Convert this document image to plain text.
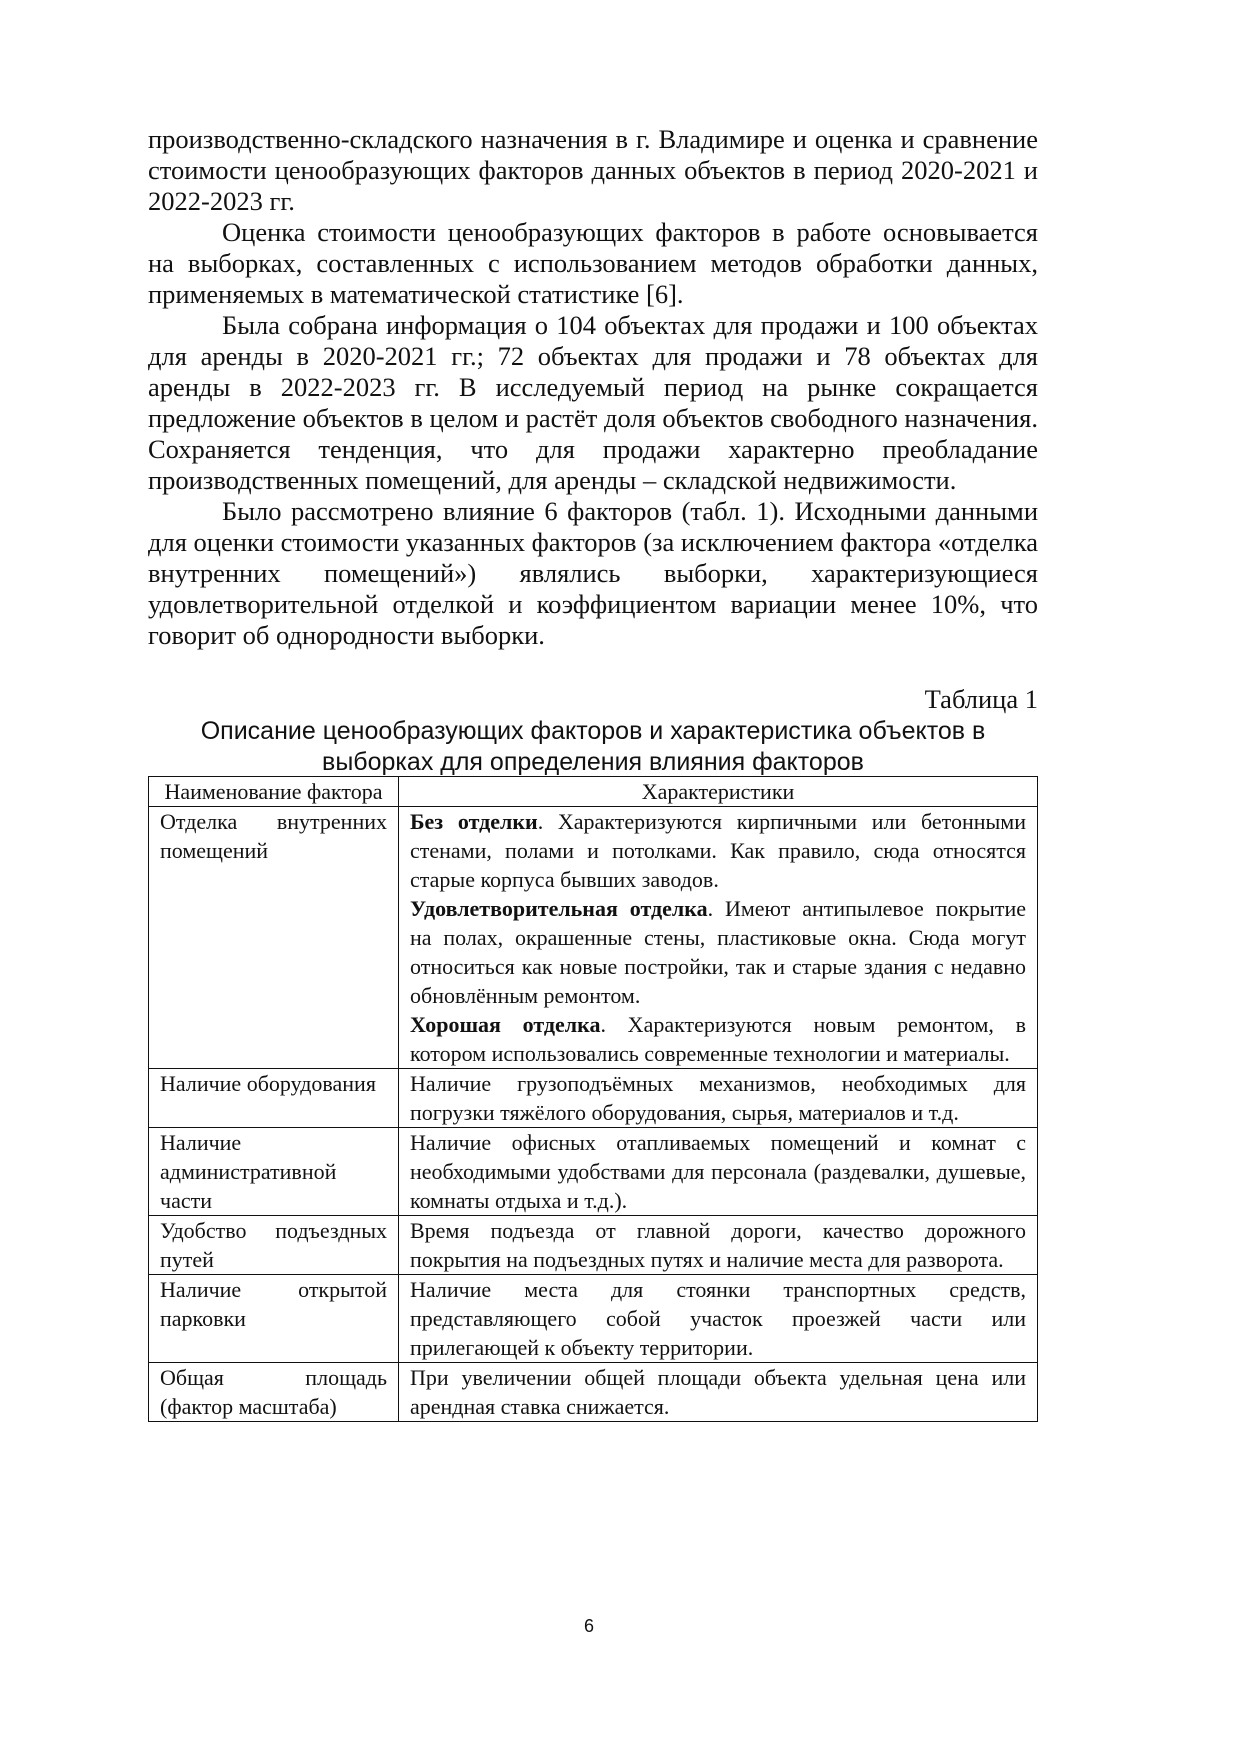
производственно-складского назначения в г. Владимире и оценка и сравнение стоимости ценообразующих факторов данных объектов в период 2020-2021 и 2022-2023 гг.

Оценка стоимости ценообразующих факторов в работе основывается на выборках, составленных с использованием методов обработки данных, применяемых в математической статистике [6].

Была собрана информация о 104 объектах для продажи и 100 объектах для аренды в 2020-2021 гг.; 72 объектах для продажи и 78 объектах для аренды в 2022-2023 гг. В исследуемый период на рынке сокращается предложение объектов в целом и растёт доля объектов свободного назначения. Сохраняется тенденция, что для продажи характерно преобладание производственных помещений, для аренды – складской недвижимости.

Было рассмотрено влияние 6 факторов (табл. 1). Исходными данными для оценки стоимости указанных факторов (за исключением фактора «отделка внутренних помещений») являлись выборки, характеризующиеся удовлетворительной отделкой и коэффициентом вариации менее 10%, что говорит об однородности выборки.

Таблица 1
Описание ценообразующих факторов и характеристика объектов в выборках для определения влияния факторов
Наименование фактора	Характеристики
Отделка внутренних помещений	Без отделки. Характеризуются кирпичными или бетонными стенами, полами и потолками. Как правило, сюда относятся старые корпуса бывших заводов.

Удовлетворительная отделка. Имеют антипылевое покрытие на полах, окрашенные стены, пластиковые окна. Сюда могут относиться как новые постройки, так и старые здания с недавно обновлённым ремонтом.

Хорошая отделка. Характеризуются новым ремонтом, в котором использовались современные технологии и материалы.

Наличие оборудования	Наличие грузоподъёмных механизмов, необходимых для погрузки тяжёлого оборудования, сырья, материалов и т.д.
Наличие административной части	Наличие офисных отапливаемых помещений и комнат с необходимыми удобствами для персонала (раздевалки, душевые, комнаты отдыха и т.д.).
Удобство подъездных путей	Время подъезда от главной дороги, качество дорожного покрытия на подъездных путях и наличие места для разворота.
Наличие открытой парковки	Наличие места для стоянки транспортных средств, представляющего собой участок проезжей части или прилегающей к объекту территории.
Общая площадь (фактор масштаба)	При увеличении общей площади объекта удельная цена или арендная ставка снижается.
6
